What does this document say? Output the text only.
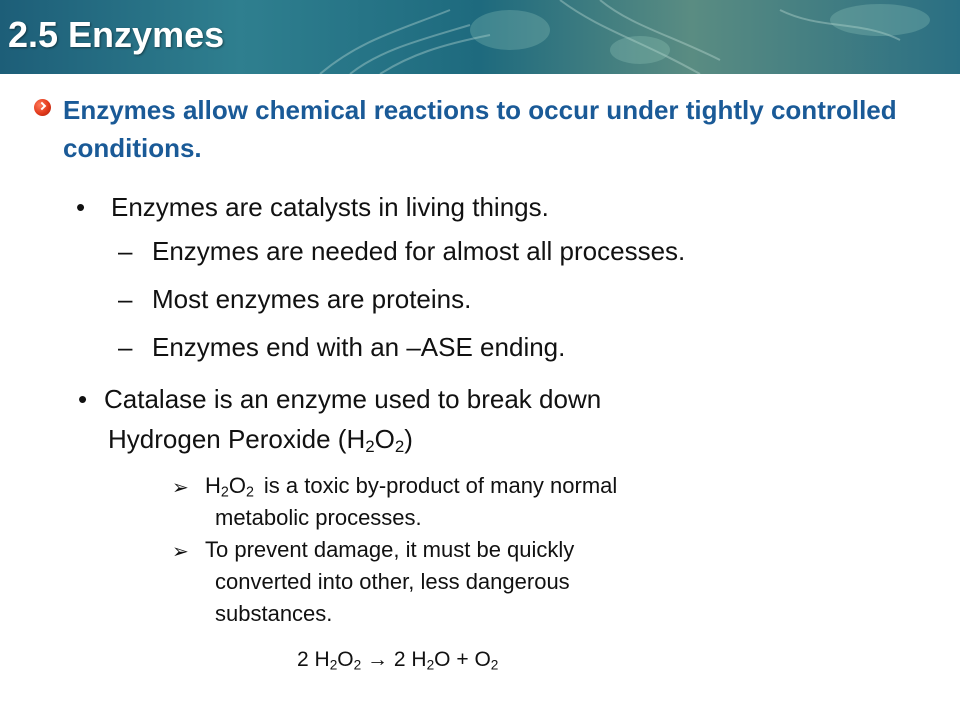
2.5 Enzymes
Enzymes allow chemical reactions to occur under tightly controlled conditions.
• Enzymes are catalysts in living things.
– Enzymes are needed for almost all processes.
– Most enzymes are proteins.
– Enzymes end with an –ASE ending.
• Catalase is an enzyme used to break down
Hydrogen Peroxide $(H_2O_2)$
➢ $H_2O_2$ is a toxic by-product of many normal
metabolic processes.
➢ To prevent damage, it must be quickly
converted into other, less dangerous
substances.
2 $H_2O_2 \to 2$ $H_2O + O_2$
